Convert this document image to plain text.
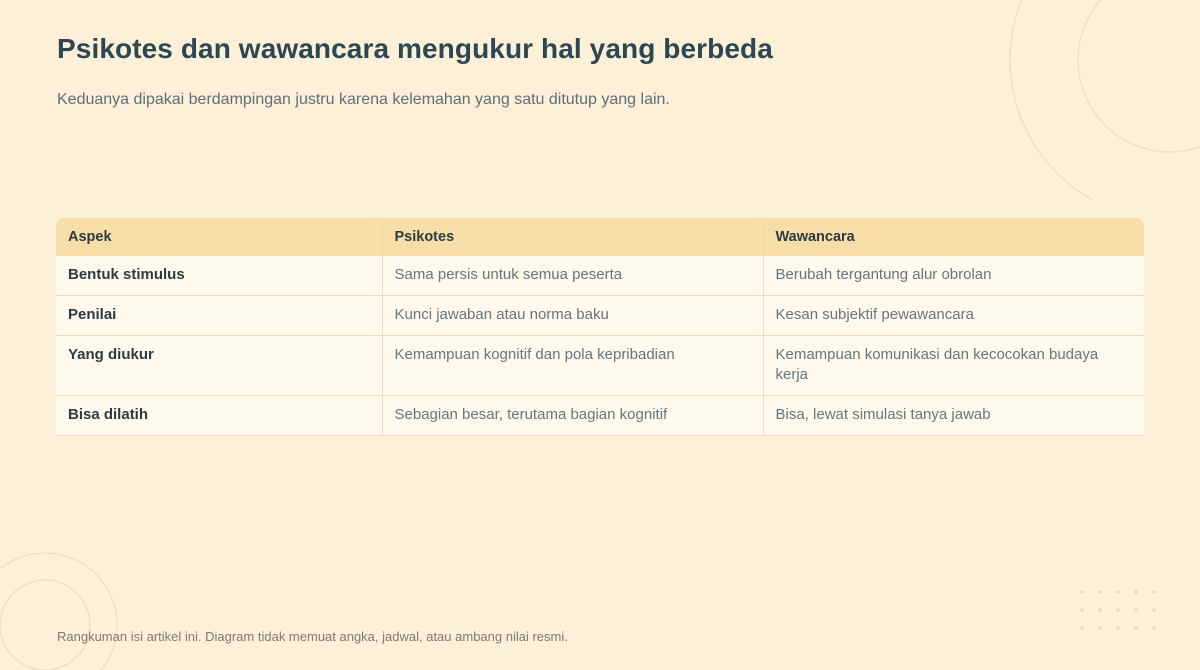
Psikotes dan wawancara mengukur hal yang berbeda

Keduanya dipakai berdampingan justru karena kelemahan yang satu ditutup yang lain.

Aspek	Psikotes	Wawancara
Bentuk stimulus	Sama persis untuk semua peserta	Berubah tergantung alur obrolan
Penilai	Kunci jawaban atau norma baku	Kesan subjektif pewawancara
Yang diukur	Kemampuan kognitif dan pola kepribadian	Kemampuan komunikasi dan kecocokan budaya kerja
Bisa dilatih	Sebagian besar, terutama bagian kognitif	Bisa, lewat simulasi tanya jawab

Rangkuman isi artikel ini. Diagram tidak memuat angka, jadwal, atau ambang nilai resmi.
